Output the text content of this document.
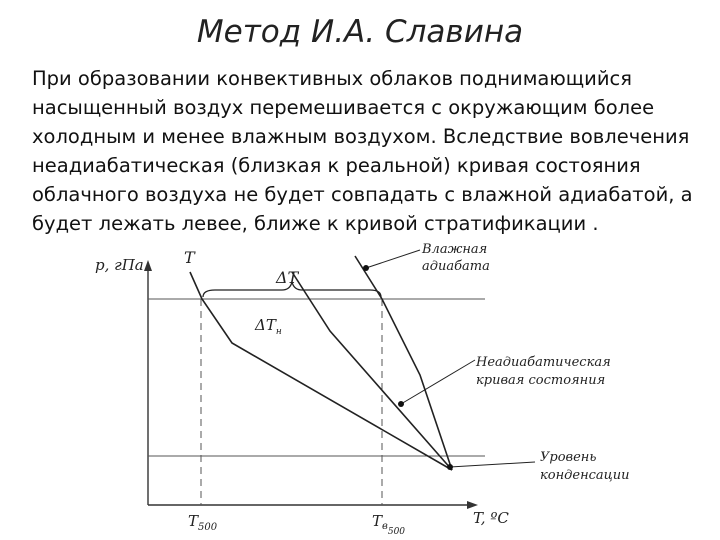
Метод И.А. Славина
При образовании конвективных облаков поднимающийся
насыщенный воздух перемешивается с окружающим более
холодным и менее влажным воздухом. Вследствие вовлечения
неадиабатическая (близкая к реальной) кривая состояния
облачного воздуха не будет совпадать с влажной адиабатой, а
будет лежать левее, ближе к кривой стратификации .
p, гПа	T
ΔT
$\Delta T_н$
$T_{500}$	$T_{в500}$
T, ºC
Влажная
адиабата
Неадиабатическая
кривая состояния
Уровень
конденсации
